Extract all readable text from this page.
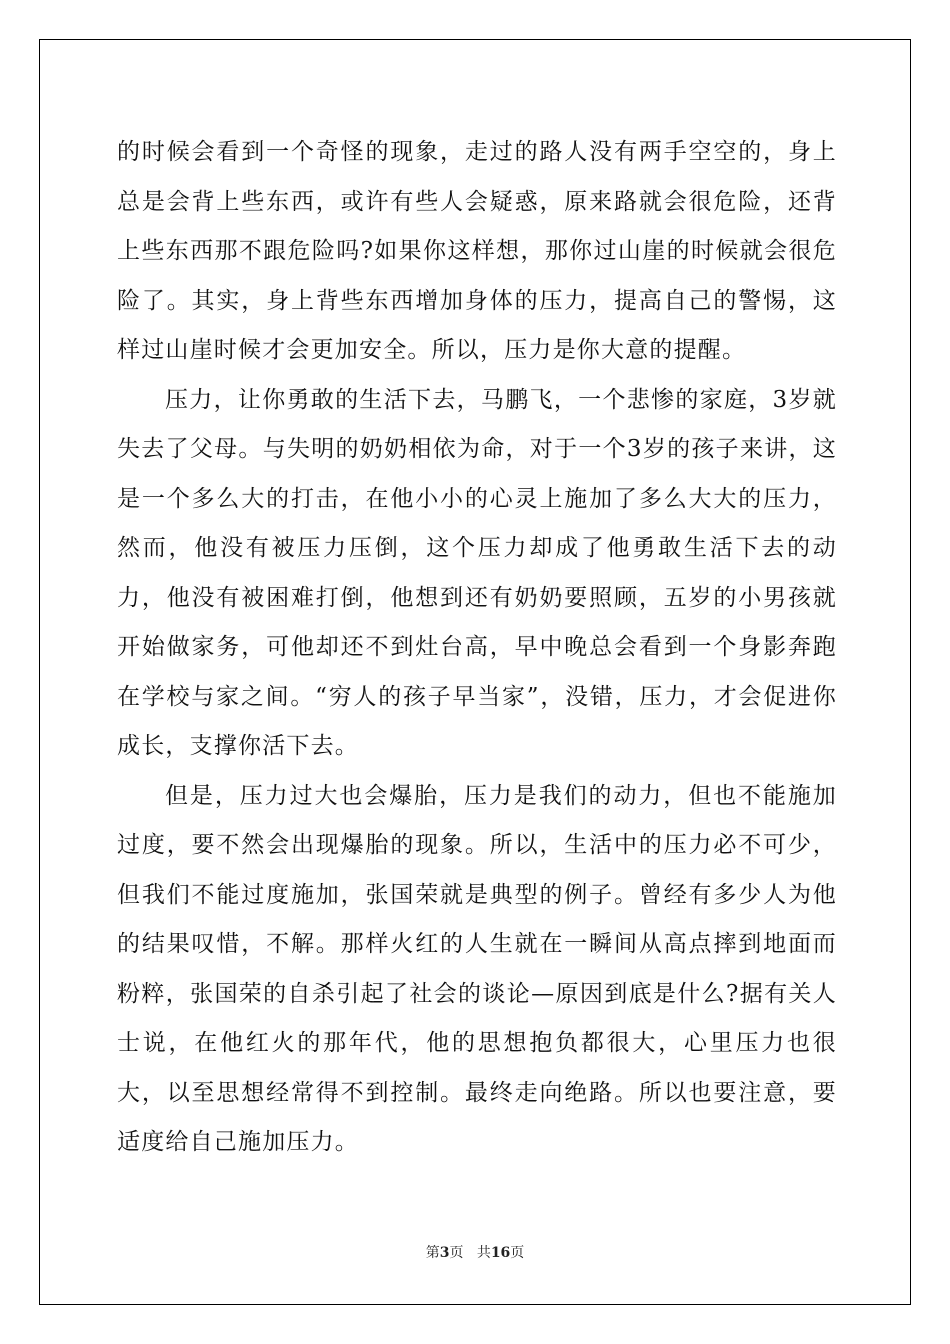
的时候会看到一个奇怪的现象，走过的路人没有两手空空的，身上总是会背上些东西，或许有些人会疑惑，原来路就会很危险，还背上些东西那不跟危险吗?如果你这样想，那你过山崖的时候就会很危险了。其实，身上背些东西增加身体的压力，提高自己的警惕，这样过山崖时候才会更加安全。所以，压力是你大意的提醒。

压力，让你勇敢的生活下去，马鹏飞，一个悲惨的家庭，3岁就失去了父母。与失明的奶奶相依为命，对于一个3岁的孩子来讲，这是一个多么大的打击，在他小小的心灵上施加了多么大大的压力，然而，他没有被压力压倒，这个压力却成了他勇敢生活下去的动力，他没有被困难打倒，他想到还有奶奶要照顾，五岁的小男孩就开始做家务，可他却还不到灶台高，早中晚总会看到一个身影奔跑在学校与家之间。“穷人的孩子早当家”，没错，压力，才会促进你成长，支撑你活下去。

但是，压力过大也会爆胎，压力是我们的动力，但也不能施加过度，要不然会出现爆胎的现象。所以，生活中的压力必不可少，但我们不能过度施加，张国荣就是典型的例子。曾经有多少人为他的结果叹惜，不解。那样火红的人生就在一瞬间从高点摔到地面而粉粹，张国荣的自杀引起了社会的谈论—原因到底是什么?据有关人士说，在他红火的那年代，他的思想抱负都很大，心里压力也很大，以至思想经常得不到控制。最终走向绝路。所以也要注意，要适度给自己施加压力。

第3页 共16页
